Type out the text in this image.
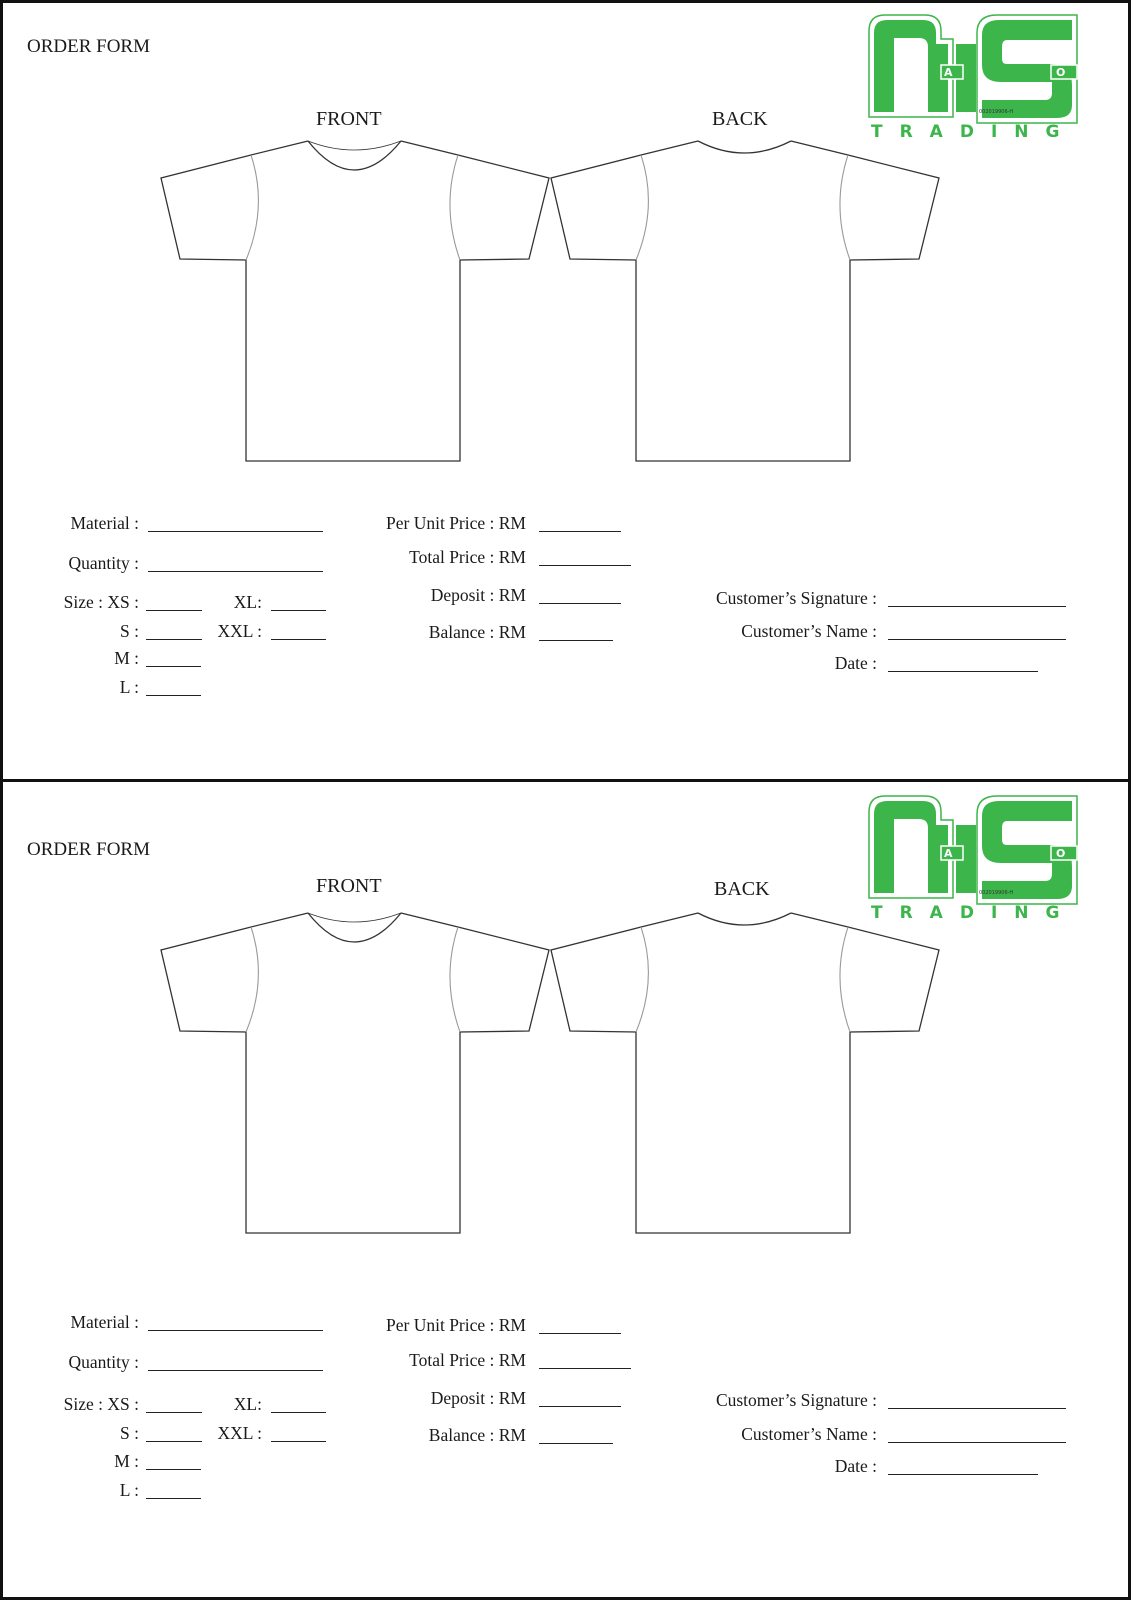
ORDER FORM
A	O
002019906-H
TRADING
FRONT	BACK
Material :
Quantity :
Size : XS :	XL:
S :	XXL :
M :
L :
Per Unit Price : RM
Total Price : RM
Deposit : RM
Balance : RM
Customer’s Signature :
Customer’s Name :
Date :
ORDER FORM	A	O
002019906-H
TRADING
FRONT	BACK
Material :
Quantity :
Size : XS :	XL:
S :	XXL :
M :
L :
Per Unit Price : RM
Total Price : RM
Deposit : RM
Balance : RM
Customer’s Signature :
Customer’s Name :
Date :
